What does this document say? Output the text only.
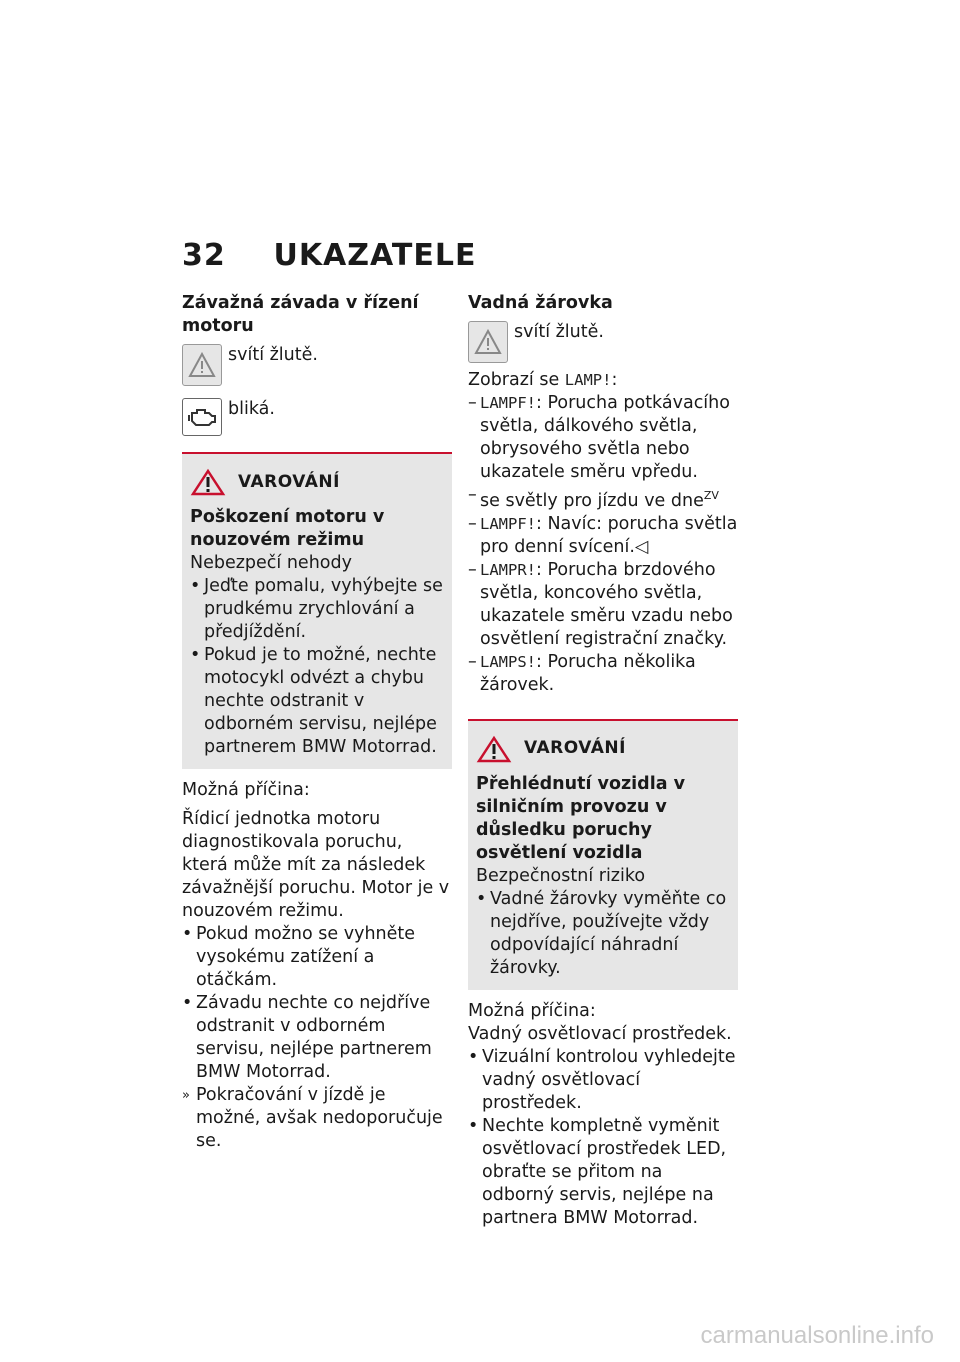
32 UKAZATELE

Závažná závada v řízení motoru

svítí žlutě.
bliká.
VAROVÁNÍ

Poškození motoru v nouzovém režimu

Nebezpečí nehody

• Jeďte pomalu, vyhýbejte se prudkému zrychlování a předjíždění.
• Pokud je to možné, nechte motocykl odvézt a chybu nechte odstranit v odborném servisu, nejlépe partnerem BMW Motorrad.

Možná příčina:

Řídicí jednotka motoru diagnostikovala poruchu, která může mít za následek závažnější poruchu. Motor je v nouzovém režimu.

• Pokud možno se vyhněte vysokému zatížení a otáčkám.
• Závadu nechte co nejdříve odstranit v odborném servisu, nejlépe partnerem BMW Motorrad.
» Pokračování v jízdě je možné, avšak nedoporučuje se.

Vadná žárovka

svítí žlutě.

Zobrazí se LAMP!:

– LAMPF!: Porucha potkávacího světla, dálkového světla, obrysového světla nebo ukazatele směru vpředu.
– se světly pro jízdu ve dne$^{ZV}$
– LAMPF!: Navíc: porucha světla pro denní svícení.◁
– LAMPR!: Porucha brzdového světla, koncového světla, ukazatele směru vzadu nebo osvětlení registrační značky.
– LAMPS!: Porucha několika žárovek.
VAROVÁNÍ

Přehlédnutí vozidla v silničním provozu v důsledku poruchy osvětlení vozidla

Bezpečnostní riziko

• Vadné žárovky vyměňte co nejdříve, používejte vždy odpovídající náhradní žárovky.

Možná příčina:

Vadný osvětlovací prostředek.

• Vizuální kontrolou vyhledejte vadný osvětlovací prostředek.
• Nechte kompletně vyměnit osvětlovací prostředek LED, obraťte se přitom na odborný servis, nejlépe na partnera BMW Motorrad.
carmanualsonline.info
